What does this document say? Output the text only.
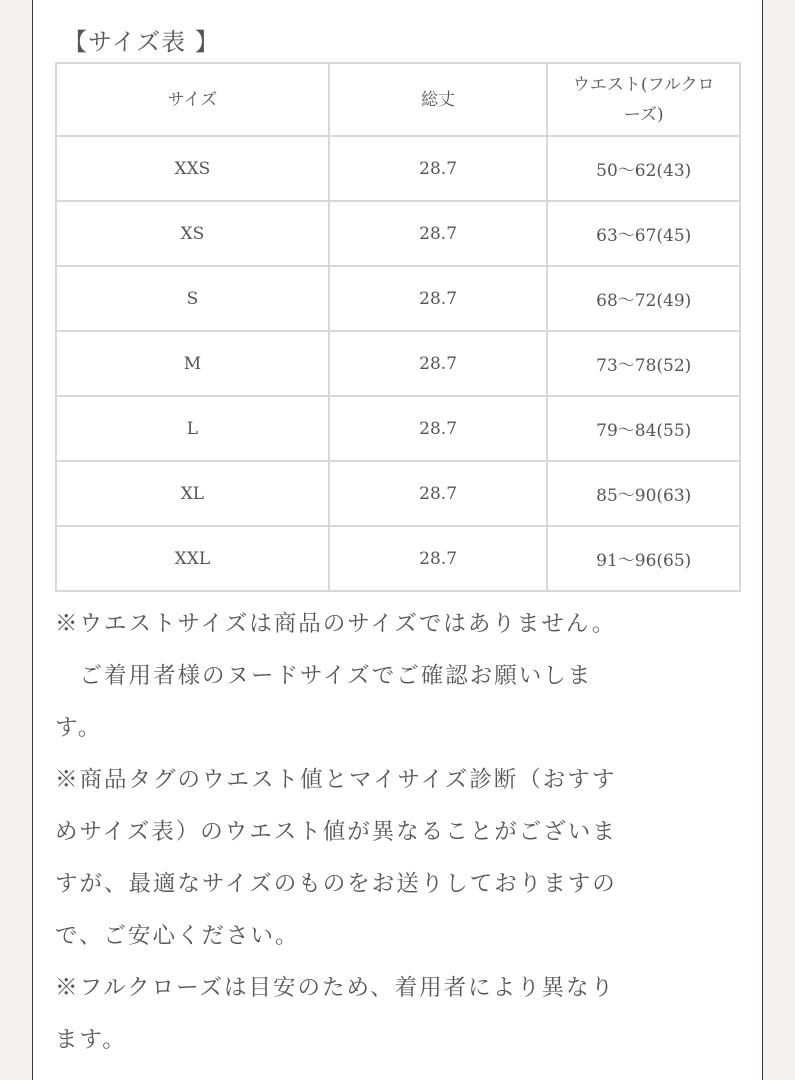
【サイズ表 】
サイズ	総丈	ウエスト(フルクロ
ーズ)

XXS	28.7	50〜62(43)
XS	28.7	63〜67(45)
S	28.7	68〜72(49)
M	28.7	73〜78(52)
L	28.7	79〜84(55)
XL	28.7	85〜90(63)
XXL	28.7	91〜96(65)

※ウエストサイズは商品のサイズではありません。

　ご着用者様のヌードサイズでご確認お願いしま

す。

※商品タグのウエスト値とマイサイズ診断（おすす

めサイズ表）のウエスト値が異なることがございま

すが、最適なサイズのものをお送りしておりますの

で、ご安心ください。

※フルクローズは目安のため、着用者により異なり

ます。
